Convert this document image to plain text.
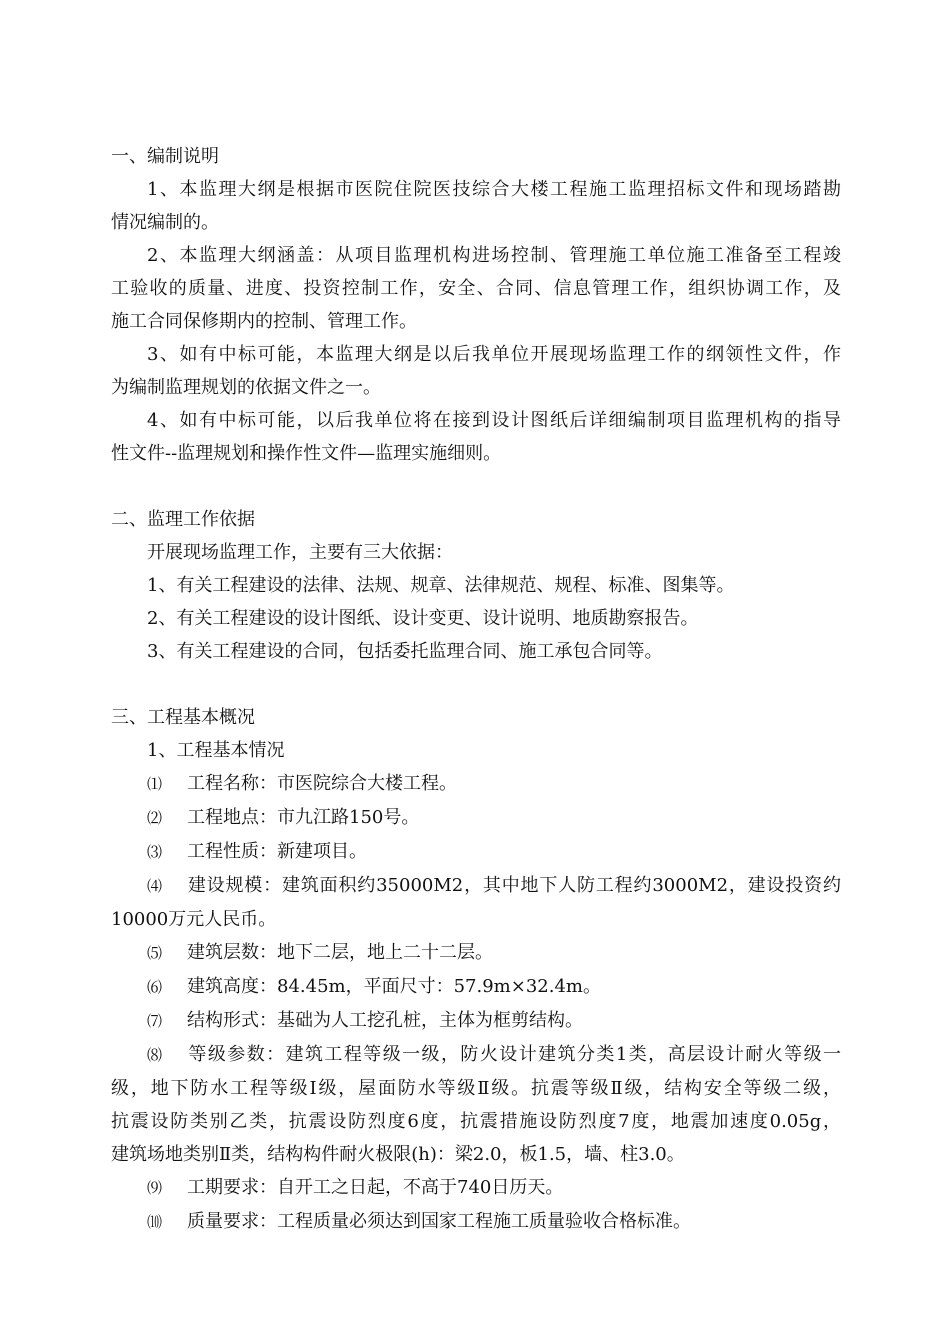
一、编制说明

1、本监理大纲是根据市医院住院医技综合大楼工程施工监理招标文件和现场踏勘

情况编制的。

2、本监理大纲涵盖：从项目监理机构进场控制、管理施工单位施工准备至工程竣

工验收的质量、进度、投资控制工作，安全、合同、信息管理工作，组织协调工作，及

施工合同保修期内的控制、管理工作。

3、如有中标可能，本监理大纲是以后我单位开展现场监理工作的纲领性文件，作

为编制监理规划的依据文件之一。

4、如有中标可能，以后我单位将在接到设计图纸后详细编制项目监理机构的指导

性文件--监理规划和操作性文件—监理实施细则。

二、监理工作依据

开展现场监理工作，主要有三大依据：

1、有关工程建设的法律、法规、规章、法律规范、规程、标准、图集等。

2、有关工程建设的设计图纸、设计变更、设计说明、地质勘察报告。

3、有关工程建设的合同，包括委托监理合同、施工承包合同等。

三、工程基本概况

1、工程基本情况

⑴ 工程名称：市医院综合大楼工程。

⑵ 工程地点：市九江路150号。

⑶ 工程性质：新建项目。

⑷ 建设规模：建筑面积约35000M2，其中地下人防工程约3000M2，建设投资约

10000万元人民币。

⑸ 建筑层数：地下二层，地上二十二层。

⑹ 建筑高度：84.45m，平面尺寸：57.9m×32.4m。

⑺ 结构形式：基础为人工挖孔桩，主体为框剪结构。

⑻ 等级参数：建筑工程等级一级，防火设计建筑分类1类，高层设计耐火等级一

级，地下防水工程等级Ⅰ级，屋面防水等级Ⅱ级。抗震等级Ⅱ级，结构安全等级二级，

抗震设防类别乙类，抗震设防烈度6度，抗震措施设防烈度7度，地震加速度0.05g，

建筑场地类别Ⅱ类，结构构件耐火极限(h)：梁2.0，板1.5，墙、柱3.0。

⑼ 工期要求：自开工之日起，不高于740日历天。

⑽ 质量要求：工程质量必须达到国家工程施工质量验收合格标准。
